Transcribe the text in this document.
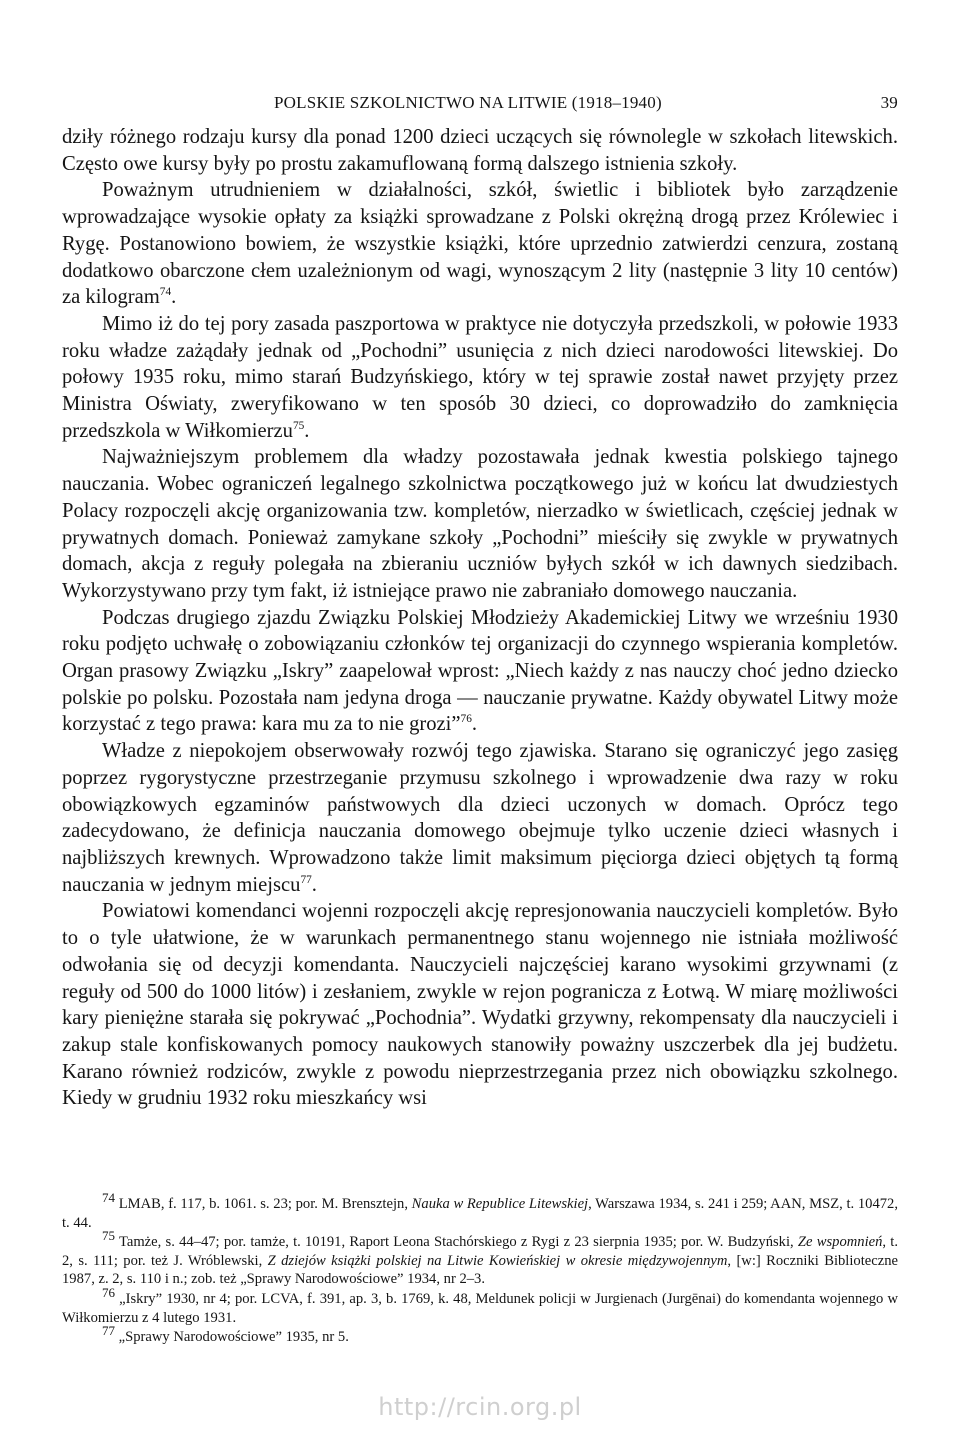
POLSKIE SZKOLNICTWO NA LITWIE (1918–1940)	39

dziły różnego rodzaju kursy dla ponad 1200 dzieci uczących się równolegle w szkołach litewskich. Często owe kursy były po prostu zakamuflowaną formą dalszego istnienia szkoły.

Poważnym utrudnieniem w działalności, szkół, świetlic i bibliotek było zarządzenie wprowadzające wysokie opłaty za książki sprowadzane z Polski okrężną drogą przez Królewiec i Rygę. Postanowiono bowiem, że wszystkie książki, które uprzednio zatwierdzi cenzura, zostaną dodatkowo obarczone cłem uzależnionym od wagi, wynoszącym 2 lity (następnie 3 lity 10 centów) za kilogram$^{74}$.

Mimo iż do tej pory zasada paszportowa w praktyce nie dotyczyła przedszkoli, w połowie 1933 roku władze zażądały jednak od „Pochodni” usunięcia z nich dzieci narodowości litewskiej. Do połowy 1935 roku, mimo starań Budzyńskiego, który w tej sprawie został nawet przyjęty przez Ministra Oświaty, zweryfikowano w ten sposób 30 dzieci, co doprowadziło do zamknięcia przedszkola w Wiłkomierzu$^{75}$.

Najważniejszym problemem dla władzy pozostawała jednak kwestia polskiego tajnego nauczania. Wobec ograniczeń legalnego szkolnictwa początkowego już w końcu lat dwudziestych Polacy rozpoczęli akcję organizowania tzw. kompletów, nierzadko w świetlicach, częściej jednak w prywatnych domach. Ponieważ zamykane szkoły „Pochodni” mieściły się zwykle w prywatnych domach, akcja z reguły polegała na zbieraniu uczniów byłych szkół w ich dawnych siedzibach. Wykorzystywano przy tym fakt, iż istniejące prawo nie zabraniało domowego nauczania.

Podczas drugiego zjazdu Związku Polskiej Młodzieży Akademickiej Litwy we wrześniu 1930 roku podjęto uchwałę o zobowiązaniu członków tej organizacji do czynnego wspierania kompletów. Organ prasowy Związku „Iskry” zaapelował wprost: „Niech każdy z nas nauczy choć jedno dziecko polskie po polsku. Pozostała nam jedyna droga — nauczanie prywatne. Każdy obywatel Litwy może korzystać z tego prawa: kara mu za to nie grozi”$^{76}$.

Władze z niepokojem obserwowały rozwój tego zjawiska. Starano się ograniczyć jego zasięg poprzez rygorystyczne przestrzeganie przymusu szkolnego i wprowadzenie dwa razy w roku obowiązkowych egzaminów państwowych dla dzieci uczonych w domach. Oprócz tego zadecydowano, że definicja nauczania domowego obejmuje tylko uczenie dzieci własnych i najbliższych krewnych. Wprowadzono także limit maksimum pięciorga dzieci objętych tą formą nauczania w jednym miejscu$^{77}$.

Powiatowi komendanci wojenni rozpoczęli akcję represjonowania nauczycieli kompletów. Było to o tyle ułatwione, że w warunkach permanentnego stanu wojennego nie istniała możliwość odwołania się od decyzji komendanta. Nauczycieli najczęściej karano wysokimi grzywnami (z reguły od 500 do 1000 litów) i zesłaniem, zwykle w rejon pogranicza z Łotwą. W miarę możliwości kary pieniężne starała się pokrywać „Pochodnia”. Wydatki grzywny, rekompensaty dla nauczycieli i zakup stale konfiskowanych pomocy naukowych stanowiły poważny uszczerbek dla jej budżetu. Karano również rodziców, zwykle z powodu nieprzestrzegania przez nich obowiązku szkolnego. Kiedy w grudniu 1932 roku mieszkańcy wsi

$^{74}$ LMAB, f. 117, b. 1061. s. 23; por. M. Brensztejn, Nauka w Republice Litewskiej, Warszawa 1934, s. 241 i 259; AAN, MSZ, t. 10472, t. 44.

$^{75}$ Tamże, s. 44–47; por. tamże, t. 10191, Raport Leona Stachórskiego z Rygi z 23 sierpnia 1935; por. W. Budzyński, Ze wspomnień, t. 2, s. 111; por. też J. Wróblewski, Z dziejów książki polskiej na Litwie Kowieńskiej w okresie międzywojennym, [w:] Roczniki Biblioteczne 1987, z. 2, s. 110 i n.; zob. też „Sprawy Narodowościowe” 1934, nr 2–3.

$^{76}$ „Iskry” 1930, nr 4; por. LCVA, f. 391, ap. 3, b. 1769, k. 48, Meldunek policji w Jurgienach (Jurgēnai) do komendanta wojennego w Wiłkomierzu z 4 lutego 1931.

$^{77}$ „Sprawy Narodowościowe” 1935, nr 5.

http://rcin.org.pl
